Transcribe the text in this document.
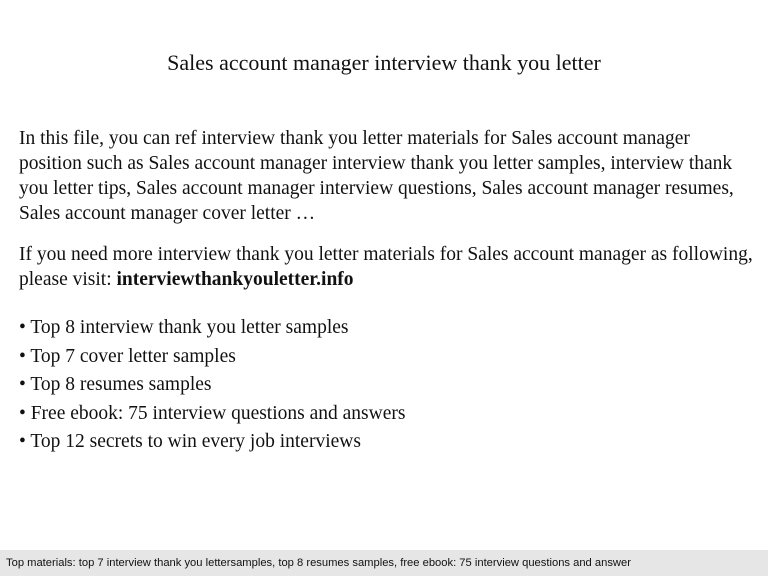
Sales account manager interview thank you letter

In this file, you can ref interview thank you letter materials for Sales account manager position such as Sales account manager interview thank you letter samples, interview thank you letter tips, Sales account manager interview questions, Sales account manager resumes, Sales account manager cover letter …

If you need more interview thank you letter materials for Sales account manager as following, please visit: interviewthankyouletter.info

• Top 8 interview thank you letter samples
• Top 7 cover letter samples
• Top 8 resumes samples
• Free ebook: 75 interview questions and answers
• Top 12 secrets to win every job interviews
Top materials: top 7 interview thank you lettersamples, top 8 resumes samples, free ebook: 75 interview questions and answer
